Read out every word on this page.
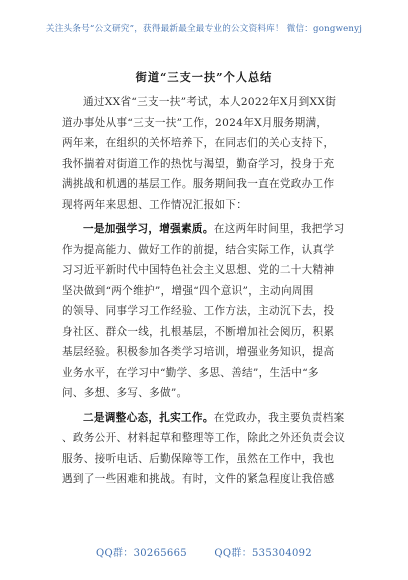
关注头条号“公文研究”，获得最新最全最专业的公文资料库！ 微信：gongwenyj
街道“三支一扶”个人总结
通过XX省“三支一扶”考试，本人2022年X月到XX街
道办事处从事“三支一扶”工作，2024年X月服务期满，
两年来，在组织的关怀培养下，在同志们的关心支持下，
我怀揣着对街道工作的热忱与渴望，勤奋学习，投身于充
满挑战和机遇的基层工作。服务期间我一直在党政办工作
现将两年来思想、工作情况汇报如下：
一是加强学习，增强素质。在这两年时间里，我把学习
作为提高能力、做好工作的前提，结合实际工作，认真学
习习近平新时代中国特色社会主义思想、党的二十大精神
坚决做到“两个维护”，增强“四个意识”，主动向周围
的领导、同事学习工作经验、工作方法，主动沉下去，投
身社区、群众一线，扎根基层，不断增加社会阅历，积累
基层经验。积极参加各类学习培训，增强业务知识，提高
业务水平，在学习中“勤学、多思、善结”，生活中“多
问、多想、多写、多做”。
二是调整心态，扎实工作。在党政办，我主要负责档案
、政务公开、材料起草和整理等工作，除此之外还负责会议
服务、接听电话、后勤保障等工作，虽然在工作中，我也
遇到了一些困难和挑战。有时，文件的紧急程度让我倍感
QQ群：30265665	QQ群：535304092
